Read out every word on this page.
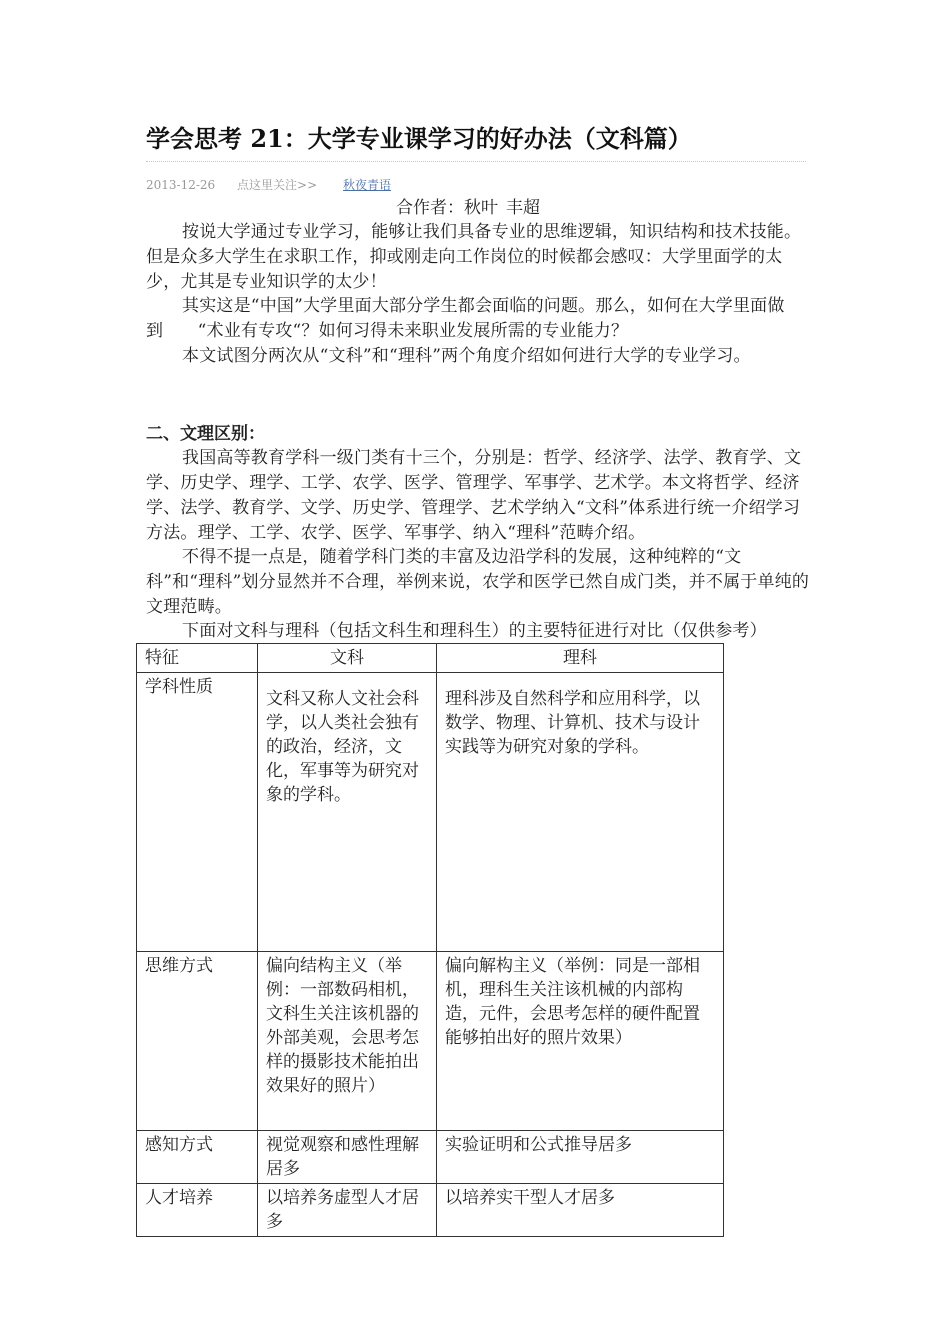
学会思考 21：大学专业课学习的好办法（文科篇）
2013-12-26 点这里关注>> 秋夜青语
合作者：秋叶 丰超
按说大学通过专业学习，能够让我们具备专业的思维逻辑，知识结构和技术技能。但是众多大学生在求职工作，抑或刚走向工作岗位的时候都会感叹：大学里面学的太少，尤其是专业知识学的太少！
其实这是“中国”大学里面大部分学生都会面临的问题。那么，如何在大学里面做到　　“术业有专攻“？如何习得未来职业发展所需的专业能力？
本文试图分两次从“文科”和“理科”两个角度介绍如何进行大学的专业学习。
二、文理区别：
我国高等教育学科一级门类有十三个，分别是：哲学、经济学、法学、教育学、文学、历史学、理学、工学、农学、医学、管理学、军事学、艺术学。本文将哲学、经济学、法学、教育学、文学、历史学、管理学、艺术学纳入“文科”体系进行统一介绍学习方法。理学、工学、农学、医学、军事学、纳入“理科”范畴介绍。
不得不提一点是，随着学科门类的丰富及边沿学科的发展，这种纯粹的“文科”和“理科”划分显然并不合理，举例来说，农学和医学已然自成门类，并不属于单纯的文理范畴。
下面对文科与理科（包括文科生和理科生）的主要特征进行对比（仅供参考）
特征	文科	理科
学科性质	文科又称人文社会科学，以人类社会独有的政治，经济，文化，军事等为研究对象的学科。	理科涉及自然科学和应用科学，以数学、物理、计算机、技术与设计实践等为研究对象的学科。
思维方式	偏向结构主义（举例：一部数码相机，文科生关注该机器的外部美观，会思考怎样的摄影技术能拍出效果好的照片）	偏向解构主义（举例：同是一部相机，理科生关注该机械的内部构造，元件，会思考怎样的硬件配置能够拍出好的照片效果）
感知方式	视觉观察和感性理解居多	实验证明和公式推导居多
人才培养	以培养务虚型人才居多	以培养实干型人才居多
